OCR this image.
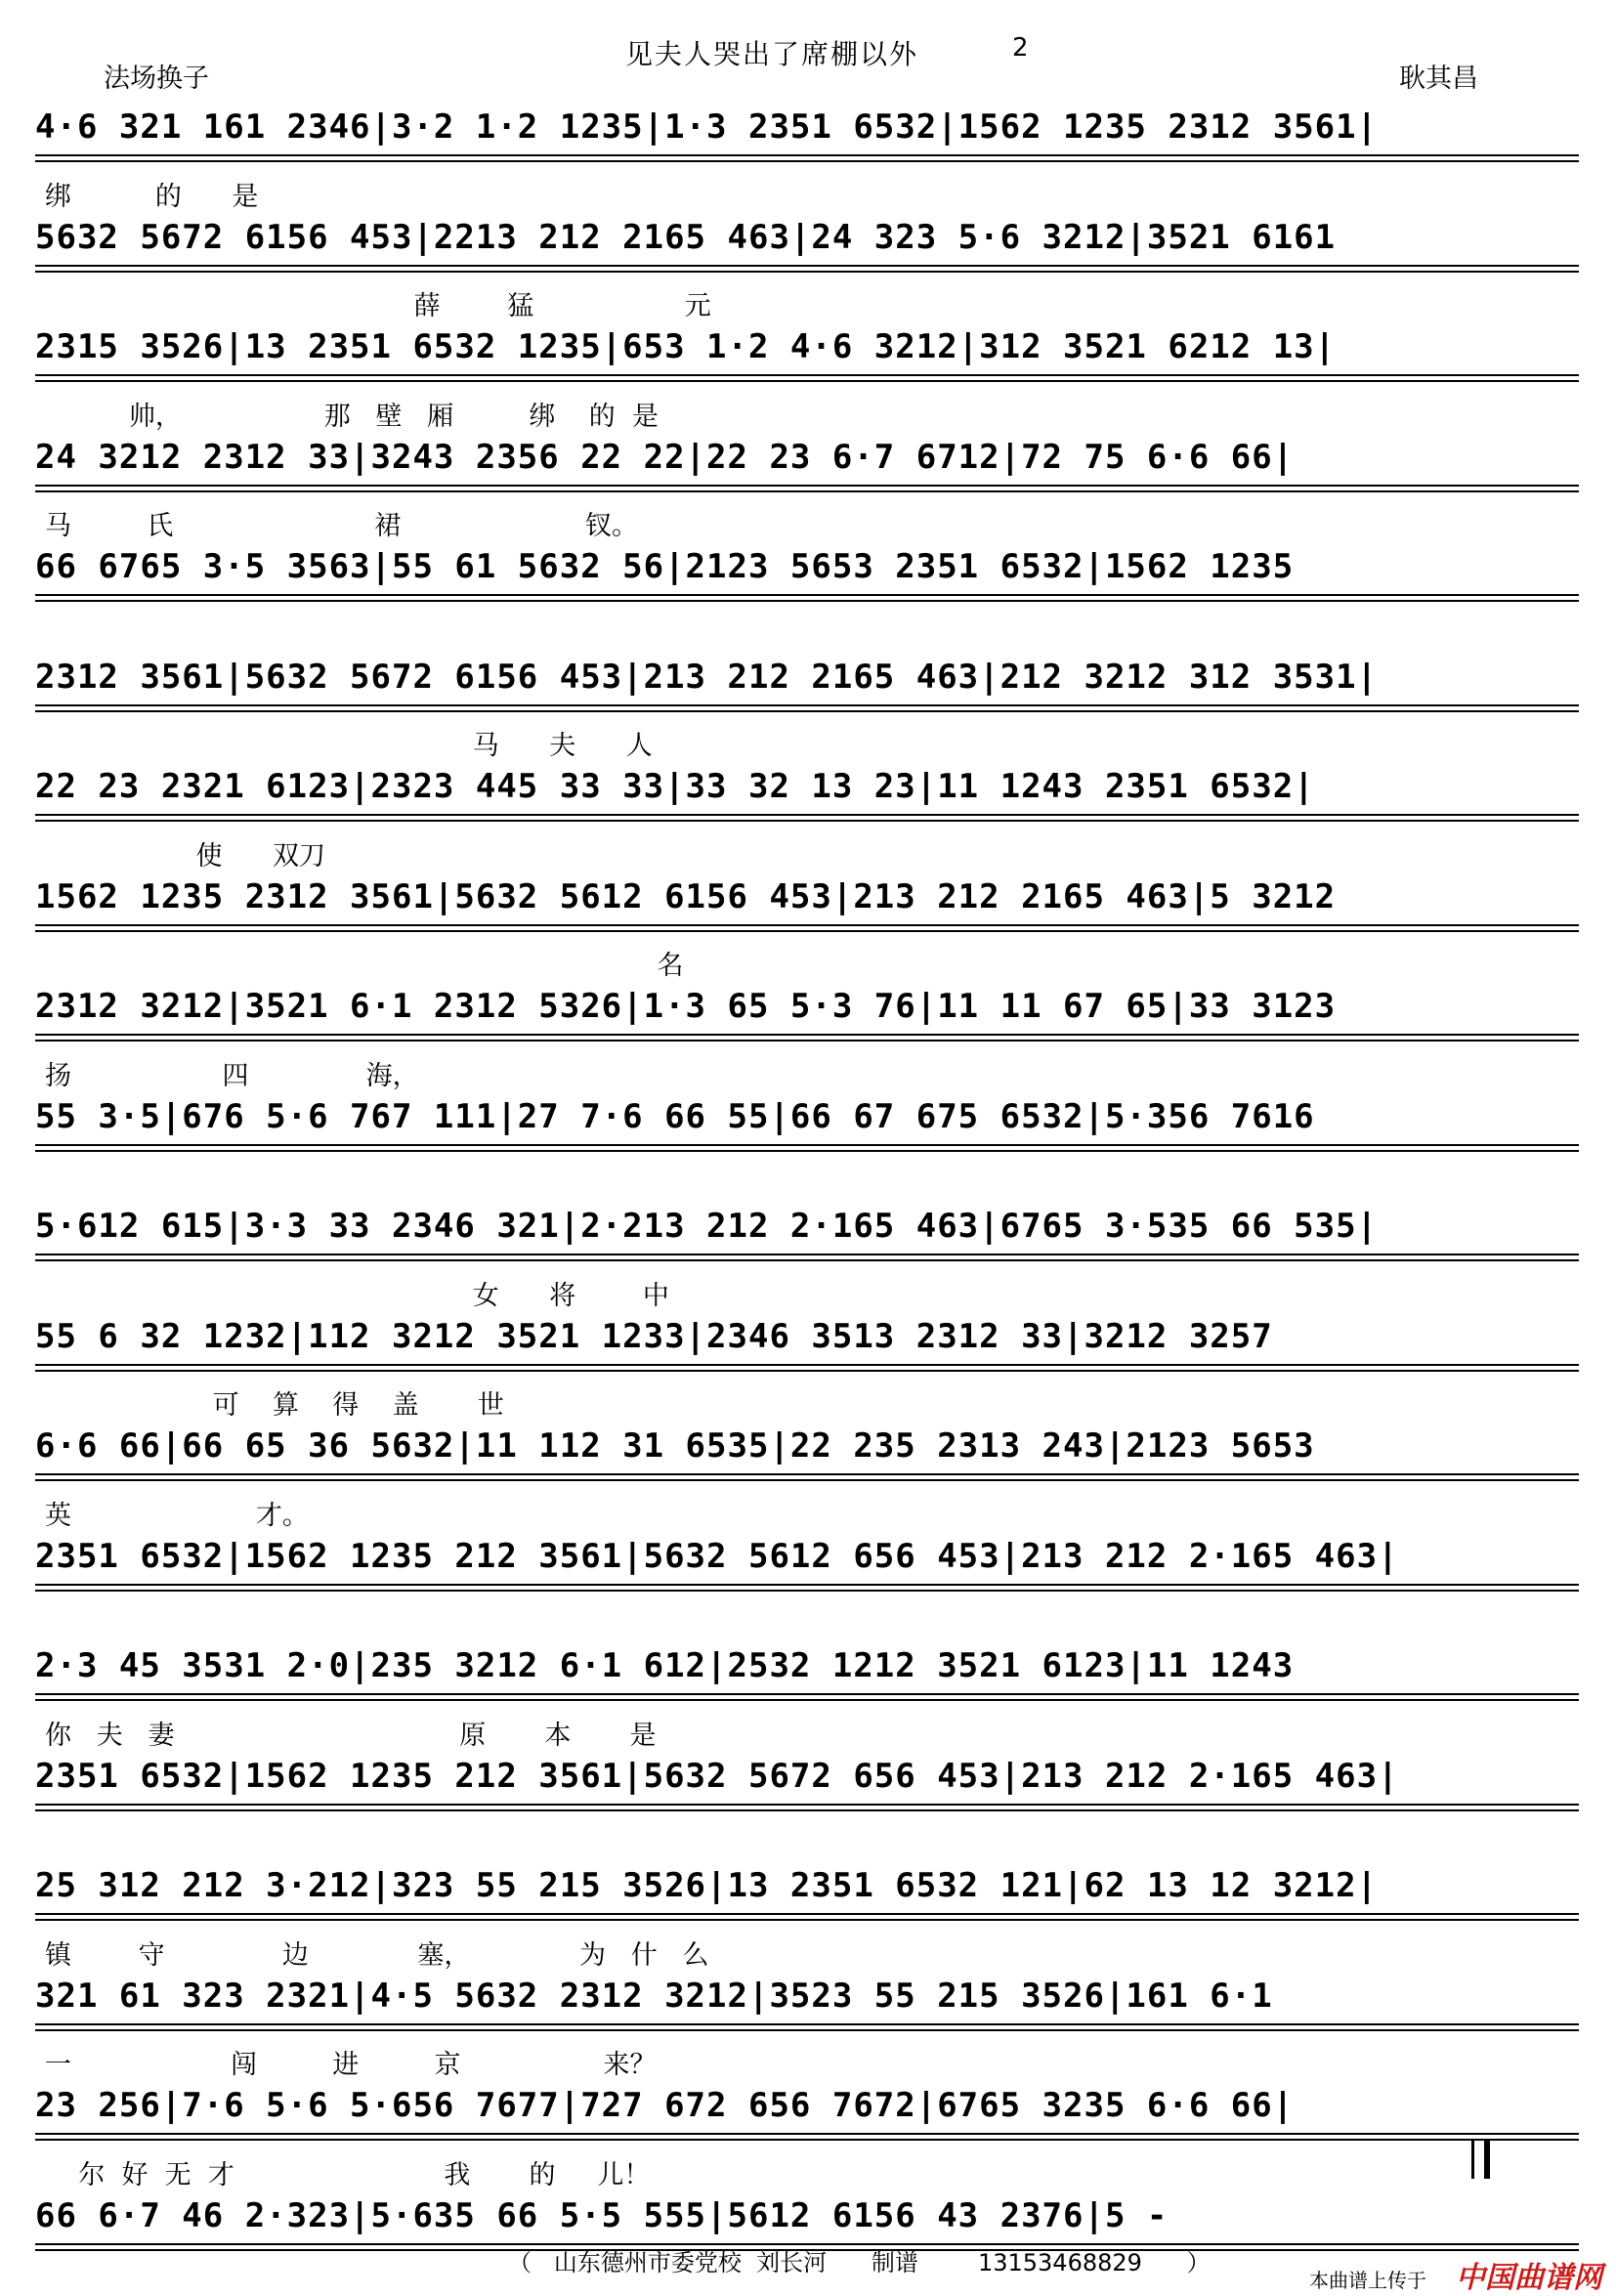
见夫人哭出了席棚以外	2
法场换子	耿其昌
4·6 321 161 2346|3·2 1·2 1235|1·3 2351 6532|1562 1235 2312 3561|
绑          的      是
5632 5672 6156 453|2213 212 2165 463|24 323 5·6 3212|3521 6161
薛        猛                  元
2315 3526|13 2351 6532 1235|653 1·2 4·6 3212|312 3521 6212 13|
帅，                 那   壁   厢         绑    的  是
24 3212 2312 33|3243 2356 22 22|22 23 6·7 6712|72 75 6·6 66|
马         氏                        裙                      钗。
66 6765 3·5 3563|55 61 5632 56|2123 5653 2351 6532|1562 1235
2312 3561|5632 5672 6156 453|213 212 2165 463|212 3212 312 3531|
马      夫      人
22 23 2321 6123|2323 445 33 33|33 32 13 23|11 1243 2351 6532|
使      双刀
1562 1235 2312 3561|5632 5612 6156 453|213 212 2165 463|5 3212
名
2312 3212|3521 6·1 2312 5326|1·3 65 5·3 76|11 11 67 65|33 3123
扬                  四              海，
55 3·5|676 5·6 767 111|27 7·6 66 55|66 67 675 6532|5·356 7616
5·612 615|3·3 33 2346 321|2·213 212 2·165 463|6765 3·535 66 535|
女      将        中
55 6 32 1232|112 3212 3521 1233|2346 3513 2312 33|3212 3257
可    算    得    盖       世
6·6 66|66 65 36 5632|11 112 31 6535|22 235 2313 243|2123 5653
英                      才。
2351 6532|1562 1235 212 3561|5632 5612 656 453|213 212 2·165 463|
2·3 45 3531 2·0|235 3212 6·1 612|2532 1212 3521 6123|11 1243
你   夫   妻                                  原       本       是
2351 6532|1562 1235 212 3561|5632 5672 656 453|213 212 2·165 463|
25 312 212 3·212|323 55 215 3526|13 2351 6532 121|62 13 12 3212|
镇        守              边             塞，             为   什   么
321 61 323 2321|4·5 5632 2312 3212|3523 55 215 3526|161 6·1
一                   闯         进         京                 来？
23 256|7·6 5·6 5·656 7677|727 672 656 7672|6765 3235 6·6 66|
尔  好  无  才                         我       的     儿！
66 6·7 46 2·323|5·635 66 5·5 555|5612 6156 43 2376|5 -
（   山东德州市委党校  刘长河      制谱        13153468829      ）
本曲谱上传于 中国曲谱网
